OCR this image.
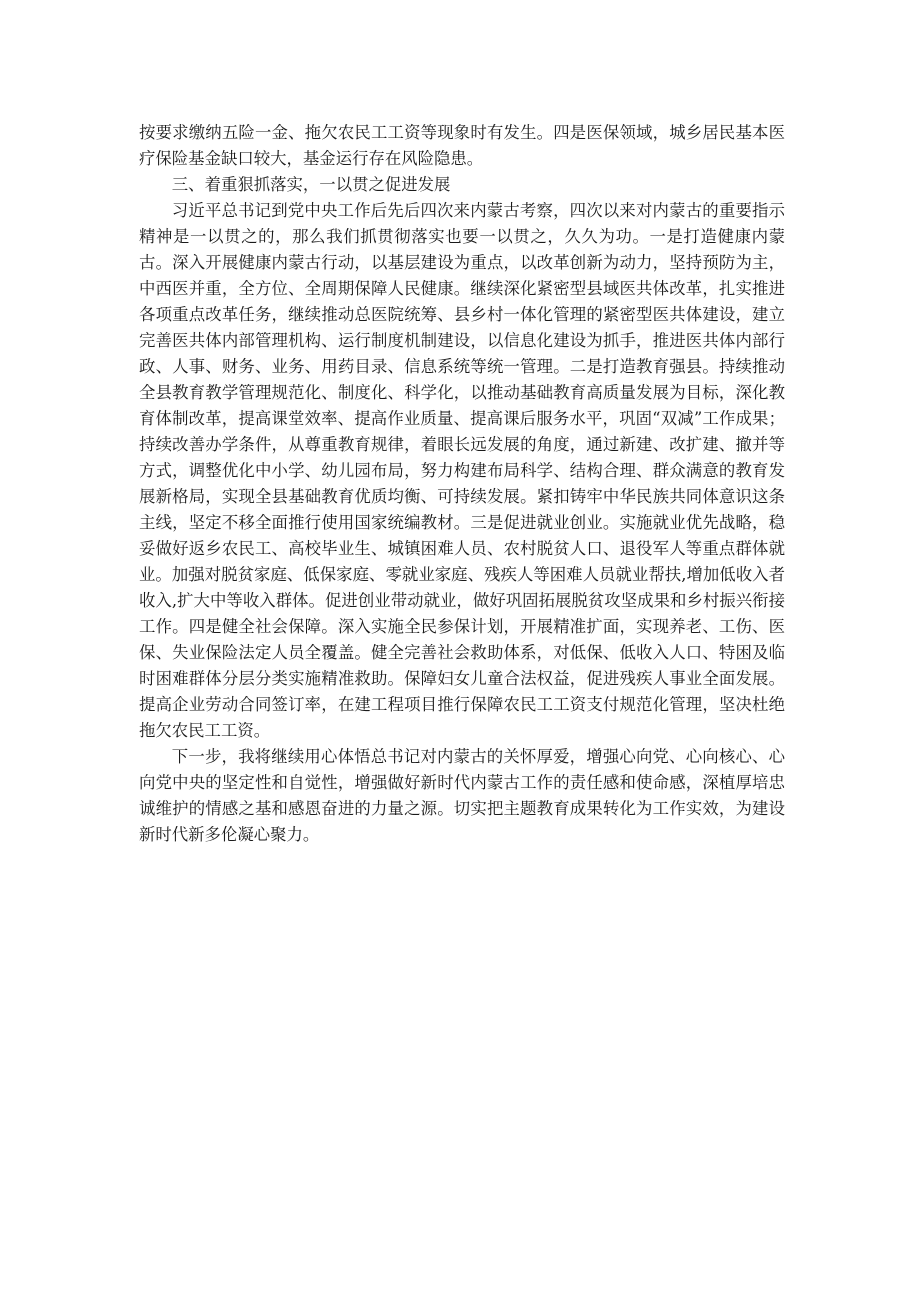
按要求缴纳五险一金、拖欠农民工工资等现象时有发生。四是医保领域，城乡居民基本医疗保险基金缺口较大，基金运行存在风险隐患。

三、着重狠抓落实，一以贯之促进发展

习近平总书记到党中央工作后先后四次来内蒙古考察，四次以来对内蒙古的重要指示精神是一以贯之的，那么我们抓贯彻落实也要一以贯之，久久为功。一是打造健康内蒙古。深入开展健康内蒙古行动，以基层建设为重点，以改革创新为动力，坚持预防为主，中西医并重，全方位、全周期保障人民健康。继续深化紧密型县域医共体改革，扎实推进各项重点改革任务，继续推动总医院统筹、县乡村一体化管理的紧密型医共体建设，建立完善医共体内部管理机构、运行制度机制建设，以信息化建设为抓手，推进医共体内部行政、人事、财务、业务、用药目录、信息系统等统一管理。二是打造教育强县。持续推动全县教育教学管理规范化、制度化、科学化，以推动基础教育高质量发展为目标，深化教育体制改革，提高课堂效率、提高作业质量、提高课后服务水平，巩固“双减”工作成果；持续改善办学条件，从尊重教育规律，着眼长远发展的角度，通过新建、改扩建、撤并等方式，调整优化中小学、幼儿园布局，努力构建布局科学、结构合理、群众满意的教育发展新格局，实现全县基础教育优质均衡、可持续发展。紧扣铸牢中华民族共同体意识这条主线，坚定不移全面推行使用国家统编教材。三是促进就业创业。实施就业优先战略，稳妥做好返乡农民工、高校毕业生、城镇困难人员、农村脱贫人口、退役军人等重点群体就业。加强对脱贫家庭、低保家庭、零就业家庭、残疾人等困难人员就业帮扶,增加低收入者收入,扩大中等收入群体。促进创业带动就业，做好巩固拓展脱贫攻坚成果和乡村振兴衔接工作。四是健全社会保障。深入实施全民参保计划，开展精准扩面，实现养老、工伤、医保、失业保险法定人员全覆盖。健全完善社会救助体系，对低保、低收入人口、特困及临时困难群体分层分类实施精准救助。保障妇女儿童合法权益，促进残疾人事业全面发展。提高企业劳动合同签订率，在建工程项目推行保障农民工工资支付规范化管理，坚决杜绝拖欠农民工工资。

下一步，我将继续用心体悟总书记对内蒙古的关怀厚爱，增强心向党、心向核心、心向党中央的坚定性和自觉性，增强做好新时代内蒙古工作的责任感和使命感，深植厚培忠诚维护的情感之基和感恩奋进的力量之源。切实把主题教育成果转化为工作实效，为建设新时代新多伦凝心聚力。
